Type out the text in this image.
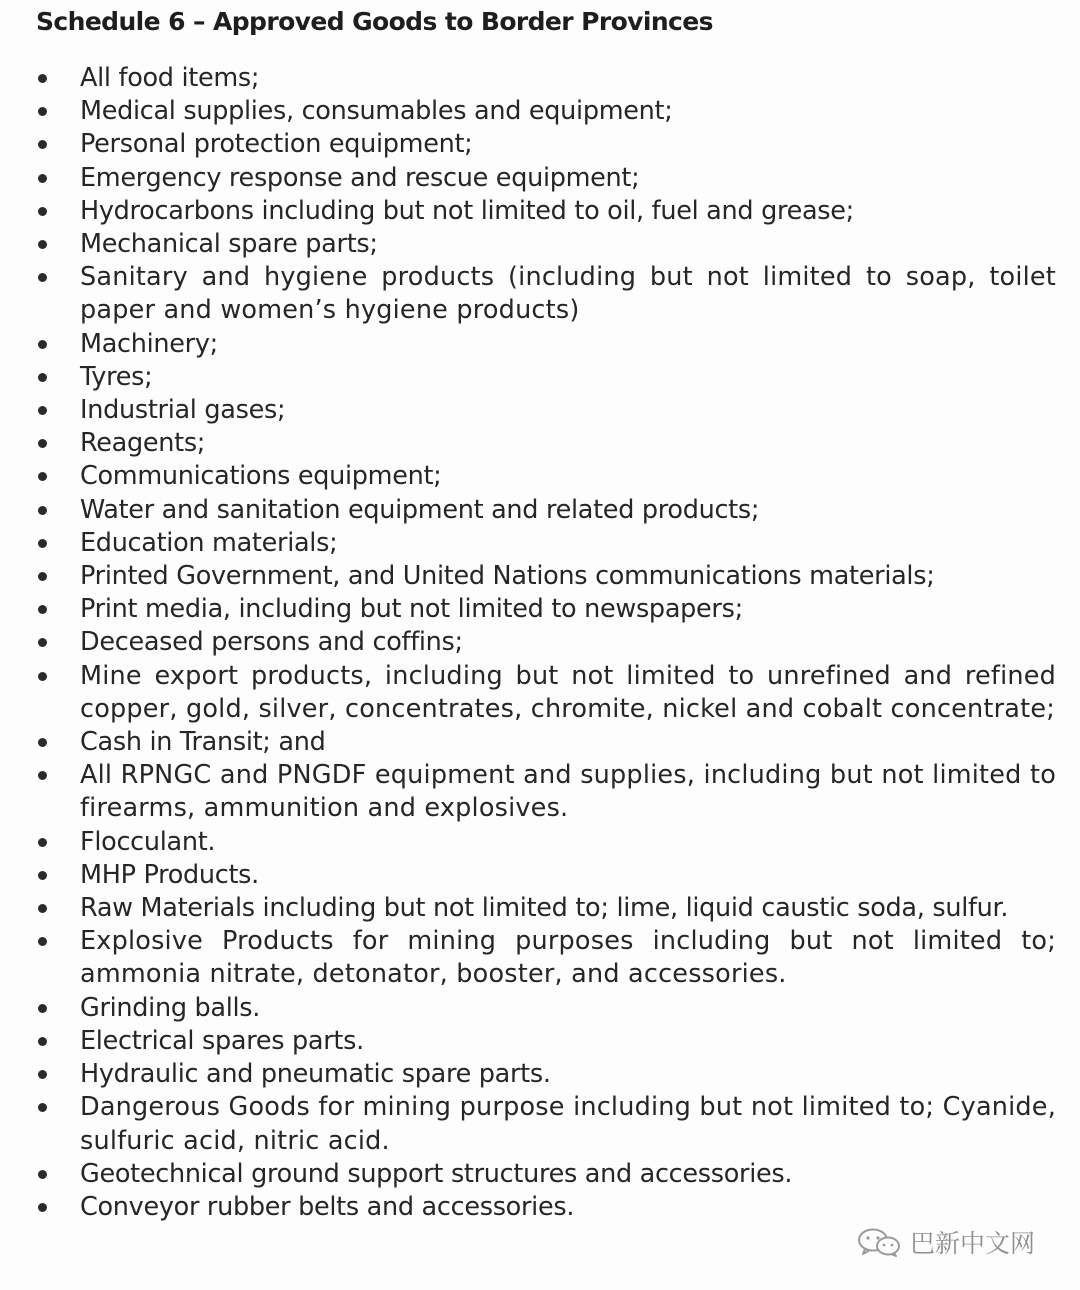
Schedule 6 – Approved Goods to Border Provinces
All food items;
Medical supplies, consumables and equipment;
Personal protection equipment;
Emergency response and rescue equipment;
Hydrocarbons including but not limited to oil, fuel and grease;
Mechanical spare parts;
Sanitary and hygiene products (including but not limited to soap, toilet paper and women’s hygiene products)
Machinery;
Tyres;
Industrial gases;
Reagents;
Communications equipment;
Water and sanitation equipment and related products;
Education materials;
Printed Government, and United Nations communications materials;
Print media, including but not limited to newspapers;
Deceased persons and coffins;
Mine export products, including but not limited to unrefined and refined copper, gold, silver, concentrates, chromite, nickel and cobalt concentrate;
Cash in Transit; and
All RPNGC and PNGDF equipment and supplies, including but not limited to firearms, ammunition and explosives.
Flocculant.
MHP Products.
Raw Materials including but not limited to; lime, liquid caustic soda, sulfur.
Explosive Products for mining purposes including but not limited to; ammonia nitrate, detonator, booster, and accessories.
Grinding balls.
Electrical spares parts.
Hydraulic and pneumatic spare parts.
Dangerous Goods for mining purpose including but not limited to; Cyanide, sulfuric acid, nitric acid.
Geotechnical ground support structures and accessories.
Conveyor rubber belts and accessories.
巴新中文网
